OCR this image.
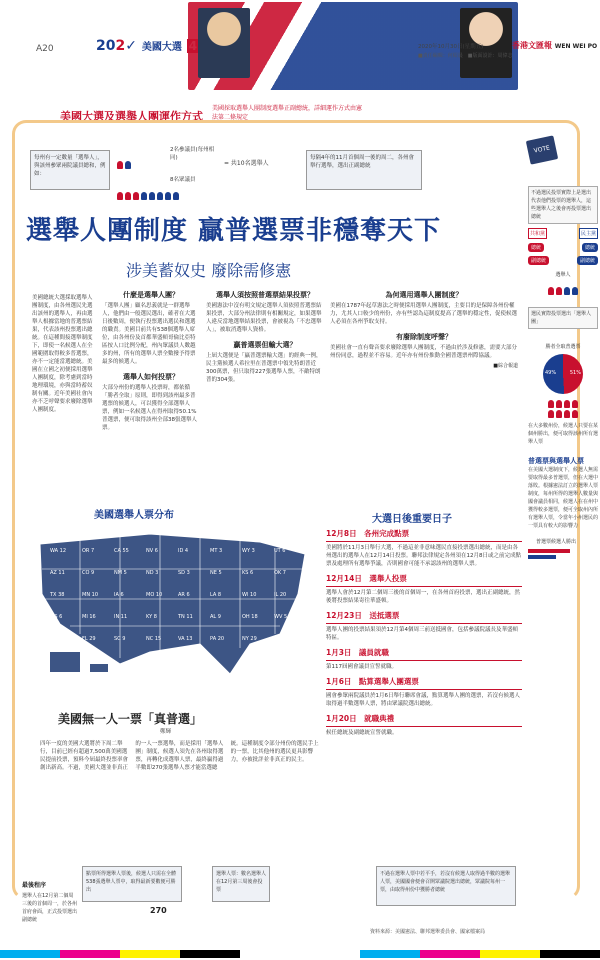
A20	202✓ 美國大選	2020年10月30日(星期五)	香港文匯報 WEN WEI PO
■責任編輯：何紹晨　■版面設計：周偉志
美國大選及選舉人團運作方式
美國採取選舉人團制度選舉正副總統，詳細運作方式由憲法第二條規定
VOTE
每州有一定數量「選舉人」，與該州參眾兩院議員總和，例如：
2名參議員(每州相同)
8名眾議員
= 共10名選舉人
每隔4年的11月首個周一後的周二，各州會舉行選舉，選出正副總統
選舉人團制度 贏普選票非穩奪天下
涉美蓄奴史 廢除需修憲
美國總統大選採取選舉人團制度，由各州選民先選出該州的選舉人，再由選舉人根據當地的普選票結果，代表該州投票選出總統。在這種間接選舉制度下，即使一名候選人在全國範圍取得較多普選票，亦不一定能當選總統。美國在立國之初便採用選舉人團制度，除考慮到當時地理環境，亦與當時蓄奴制有關。近年美國社會內亦不乏呼聲要求廢除選舉人團制度。
什麼是選舉人團？
「選舉人團」顧名思義就是一群選舉人，他們由一般選民選出，確者在大選日後數周，便執行投票選出選民和選選的職責。美國目前共有538個選舉人席位，由各州份及首都華盛頓哥倫比亞特區按人口比例分配，州內眾議員人數越多的州，所有的選舉人票全數撥予得票最多的候選人。
選舉人如何投票？
大部分州份的選舉人投票時，都依循「勝者全取」原則，即得到該州最多普選票的候選人，可以獲得全部選舉人票，例如一名候選人在得州取得50.1%普選票，便可取得該州全部38張選舉人票。
選舉人須按照普選票結果投票？
美國憲法中沒有明文規定選舉人須依照普選票結果投票，大部分州法律則有相關規定，如果選舉人違反當地選舉結果投票，會被視為「不忠選舉人」，被取消選舉人資格。
贏普選票但輸大選？
上屆大選便是「贏普選票輸大選」的經典一例，民主黨候選人希拉里在普選票中領先特朗普近300萬票，但只取得227張選舉人票，不敵特朗普的304張。
為何選用選舉人團制度？
美國在1787年起草憲法之時便採用選舉人團制度，主要目的是保障各州份權力，尤其人口較少的州份，亦有些認為這制度提高了選舉的穩定性，促使候選人必須在各州爭取支持。
有廢除制度呼聲？
美國社會一直有聲音要求廢除選舉人團制度，不過由於涉及修憲，需要大部分州份同意，過程並不容易。近年亦有州份推動全國普選票州際協議。
■綜合報道
美國選舉人票分布
WA 12	OR 7	CA 55	NV 6	ID 4	MT 3	WY 3	UT 6
AZ 11	CO 9	NM 5	ND 3	SD 3	NE 5	KS 6	OK 7
TX 38	MN 10	IA 6	MO 10	AR 6	LA 8	WI 10	IL 20
MS 6	MI 16	IN 11	KY 8	TN 11	AL 9	OH 18	WV 5
GA 16	FL 29	SC 9	NC 15	VA 13	PA 20	NY 29	ME 4
HI 4
美國無一人一票「真普選」
鄭輝
四年一度的美國大選將於下周二舉行，目前已經有超過7,500萬美國選民提前投票，預料今屆最終投票率會創出新高。不過，美國大選並非真正的一人一票選舉，而是採用「選舉人團」制度，候選人須先在各州取得選票，再轉化成選舉人票，最終贏得過半數即270張選舉人票才能當選總統。這種制度令部分州份的選民手上的一票，比其他州的選民更具影響力，亦被批評並非真正的民主。
大選日後重要日子
12月8日　各州完成點票
美國將於11月3日舉行大選，不過這並非意味選民直接投票選出總統，而是由各州選出的選舉人在12月14日投票。聯邦法律規定各州須在12月8日或之前完成點票及處理所有選舉爭議，否則國會可能不承認該州的選舉人票。
12月14日　選舉人投票
選舉人會於12月第二個周三後的首個周一，在各州首府投票，選出正副總統，然後將投票結果寄往華盛頓。
12月23日　送抵選票
選舉人團的投票結果須於12月第4個周三前送抵國會，包括參議院議長及華盛頓特區。
1月3日　議員就職
第117屆國會議員宣誓就職。
1月6日　點算選舉人團選票
國會參眾兩院議員於1月6日舉行聯席會議，點算選舉人團的選票，若沒有候選人取得過半數選舉人票，將由眾議院選出總統。
1月20日　就職典禮
候任總統及副總統宣誓就職。
資料來源：美國憲法、聯邦選舉委員會、國家檔案局
不過選民投票實際上是選出代表他們投票的選舉人，這些選舉人之後會再投票選出總統
共和黨	民主黨
總統	總統
副總統	副總統
選舉人
選民實際投票選出「選舉人團」
勝者全取普選票
49%	51%

在大多數州份，候選人只要在某個州勝出，便可取得該州所有選舉人票
普選票與選舉人票
在美國大選制度下，候選人無需要取得最多普選票，但在大選中落敗。根據憲法訂立的選舉人票制度，每州所得的選舉人數量與國會議員相同，候選人在在州中獲得較多選票，便可全取州內所有選舉人票，令當年小州選民的一票具有較大的影響力
普選票候選人勝出
最後程序
選舉人在12月第二個周三後的首個周一，於各州首府會面，正式投票選出副總統
點票所得選舉人票後，候選人只需在全體538張選舉人票中，取得最新要數便可勝出
270
選舉人票：數名選舉人在12月第三周後會投票
不過在選舉人票中若平手，若沒有候選人取得過半數的選舉人票，美國國會便會召開眾議院選出總統，眾議院每州一票，由取得州份中獲勝者總統
